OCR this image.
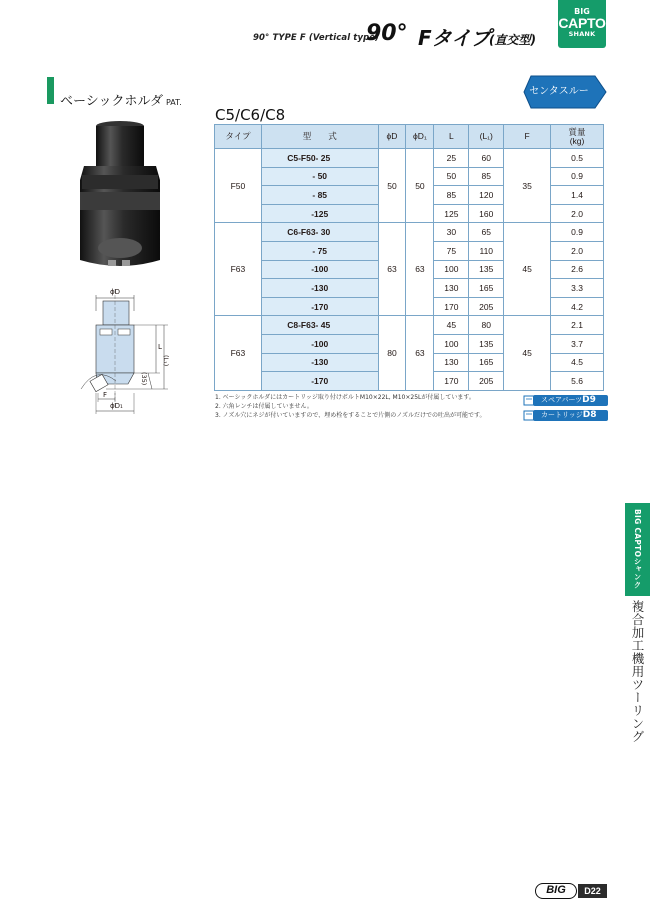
90° TYPE F (Vertical type)
90° Fタイプ
(直交型)
BIG
CAPTO
SHANK
ベーシックホルダ PAT.
C5/C6/C8
センタスルー
ϕD
L
(L₁)
(35)
F
ϕD₁
タイプ	型　　式	ϕD	ϕD₁	L	(L₁)	F	質量
(kg)
F50	C5-F50- 25	50	50	25	60	35	0.5
	- 50			50	85		0.9
	- 85			85	120		1.4
	-125			125	160		2.0
F63	C6-F63- 30	63	63	30	65	45	0.9
	- 75			75	110		2.0
	-100			100	135		2.6
	-130			130	165		3.3
	-170			170	205		4.2
F63	C8-F63- 45	80	63	45	80	45	2.1
	-100			100	135		3.7
	-130			130	165		4.5
	-170			170	205		5.6
1. ベーシックホルダにはカートリッジ取り付けボルトM10×22L, M10×25Lが付属しています。
2. 六角レンチは付属していません。
3. ノズル穴にネジが付いていますので、埋め栓をすることで片側のノズルだけでの吐出が可能です。
スペアパーツD9
カートリッジD8
BIG CAPTOシャンク
複合加工機用ツーリング
BIG	D22
